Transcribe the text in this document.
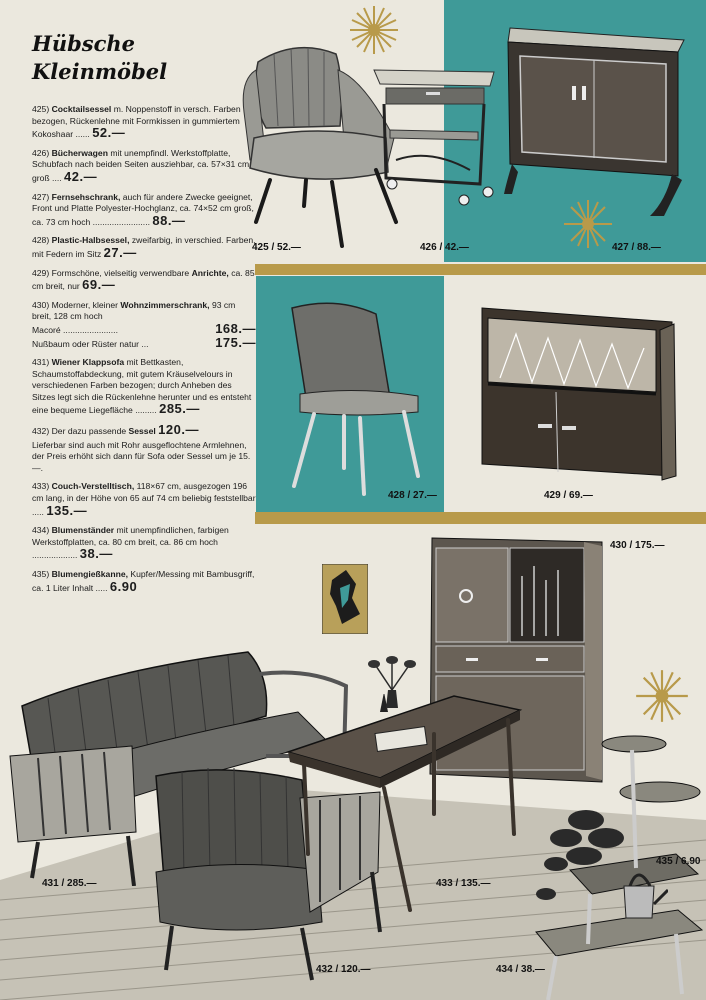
Hübsche
Kleinmöbel
425) Cocktailsessel m. Noppenstoff in versch. Farben bezogen, Rückenlehne mit Formkissen in gummiertem Kokoshaar ...... 52.—
426) Bücherwagen mit unempfindl. Werkstoffplatte, Schubfach nach beiden Seiten ausziehbar, ca. 57×31 cm groß .... 42.—
427) Fernsehschrank, auch für andere Zwecke geeignet, Front und Platte Polyester-Hochglanz, ca. 74×52 cm groß, ca. 73 cm hoch ........................ 88.—
428) Plastic-Halbsessel, zweifarbig, in verschied. Farben, mit Federn im Sitz 27.—
429) Formschöne, vielseitig verwendbare Anrichte, ca. 85 cm breit, nur 69.—
430) Moderner, kleiner Wohnzimmerschrank, 93 cm breit, 128 cm hoch
Macoré .......................	168.—
Nußbaum oder Rüster natur ...	175.—
431) Wiener Klappsofa mit Bettkasten, Schaumstoffabdeckung, mit gutem Kräuselvelours in verschiedenen Farben bezogen; durch Anheben des Sitzes legt sich die Rückenlehne herunter und es entsteht eine bequeme Liegefläche ......... 285.—
432) Der dazu passende Sessel 120.—
Lieferbar sind auch mit Rohr ausgeflochtene Armlehnen, der Preis erhöht sich dann für Sofa oder Sessel um je 15.—.
433) Couch-Verstelltisch, 118×67 cm, ausgezogen 196 cm lang, in der Höhe von 65 auf 74 cm beliebig feststellbar ..... 135.—
434) Blumenständer mit unempfindlichen, farbigen Werkstoffplatten, ca. 80 cm breit, ca. 86 cm hoch ................... 38.—
435) Blumengießkanne, Kupfer/Messing mit Bambusgriff, ca. 1 Liter Inhalt ..... 6.90
425 / 52.—	426 / 42.—	427 / 88.—
428 / 27.—	429 / 69.—
430 / 175.—
431 / 285.—
432 / 120.—
433 / 135.—
434 / 38.—
435 / 6.90
